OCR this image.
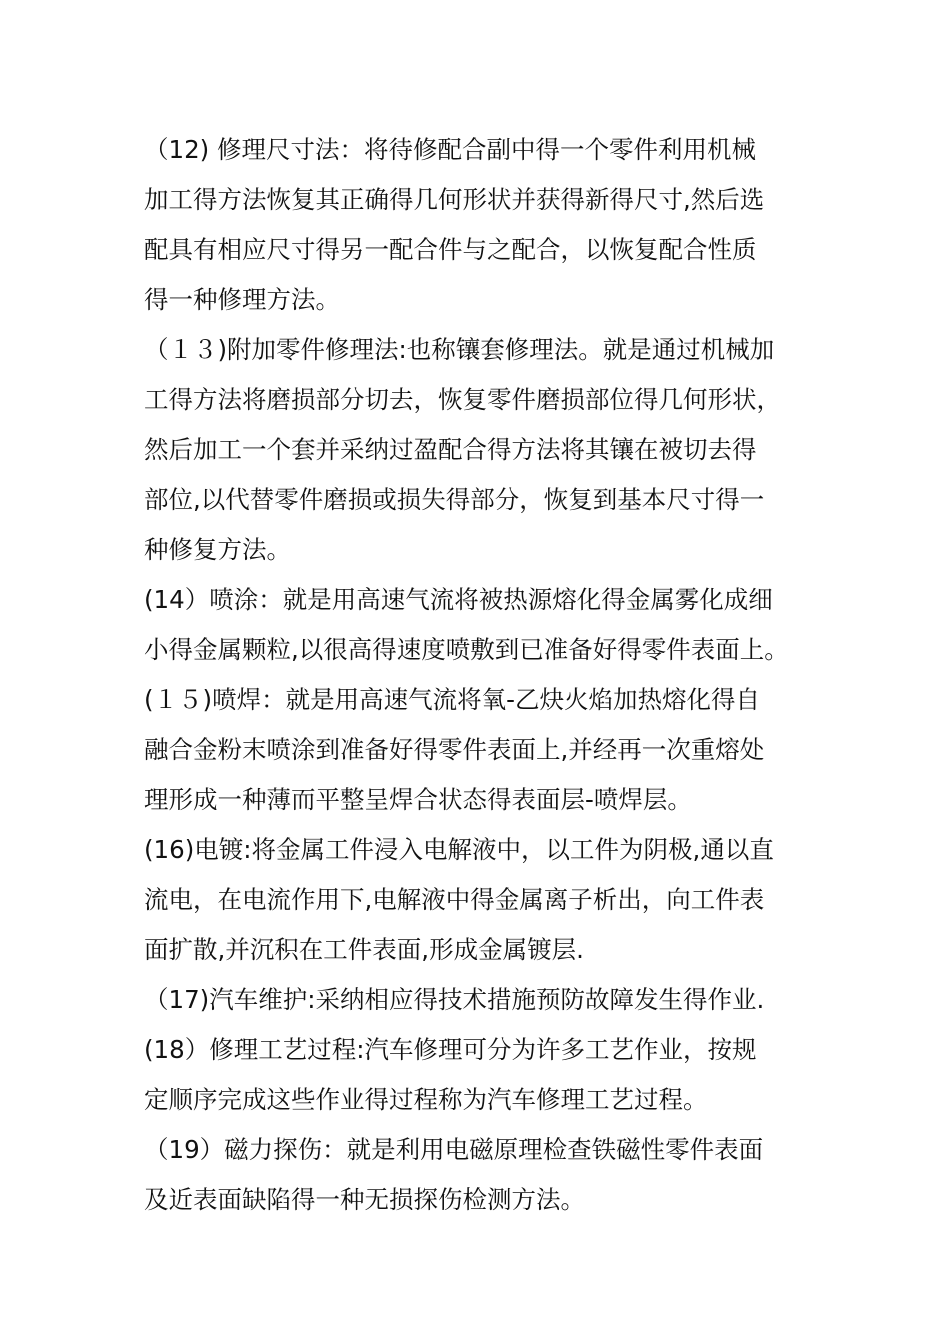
（12) 修理尺寸法：将待修配合副中得一个零件利用机械
加工得方法恢复其正确得几何形状并获得新得尺寸,然后选
配具有相应尺寸得另一配合件与之配合，以恢复配合性质
得一种修理方法。
（１３)附加零件修理法:也称镶套修理法。就是通过机械加
工得方法将磨损部分切去，恢复零件磨损部位得几何形状，
然后加工一个套并采纳过盈配合得方法将其镶在被切去得
部位,以代替零件磨损或损失得部分，恢复到基本尺寸得一
种修复方法。
(14）喷涂：就是用高速气流将被热源熔化得金属雾化成细
小得金属颗粒,以很高得速度喷敷到已准备好得零件表面上。
(１５)喷焊：就是用高速气流将氧-乙炔火焰加热熔化得自
融合金粉末喷涂到准备好得零件表面上,并经再一次重熔处
理形成一种薄而平整呈焊合状态得表面层-喷焊层。
(16)电镀:将金属工件浸入电解液中，以工件为阴极,通以直
流电，在电流作用下,电解液中得金属离子析出，向工件表
面扩散,并沉积在工件表面,形成金属镀层.
（17)汽车维护:采纳相应得技术措施预防故障发生得作业.
(18）修理工艺过程:汽车修理可分为许多工艺作业，按规
定顺序完成这些作业得过程称为汽车修理工艺过程。
（19）磁力探伤：就是利用电磁原理检查铁磁性零件表面
及近表面缺陷得一种无损探伤检测方法。
